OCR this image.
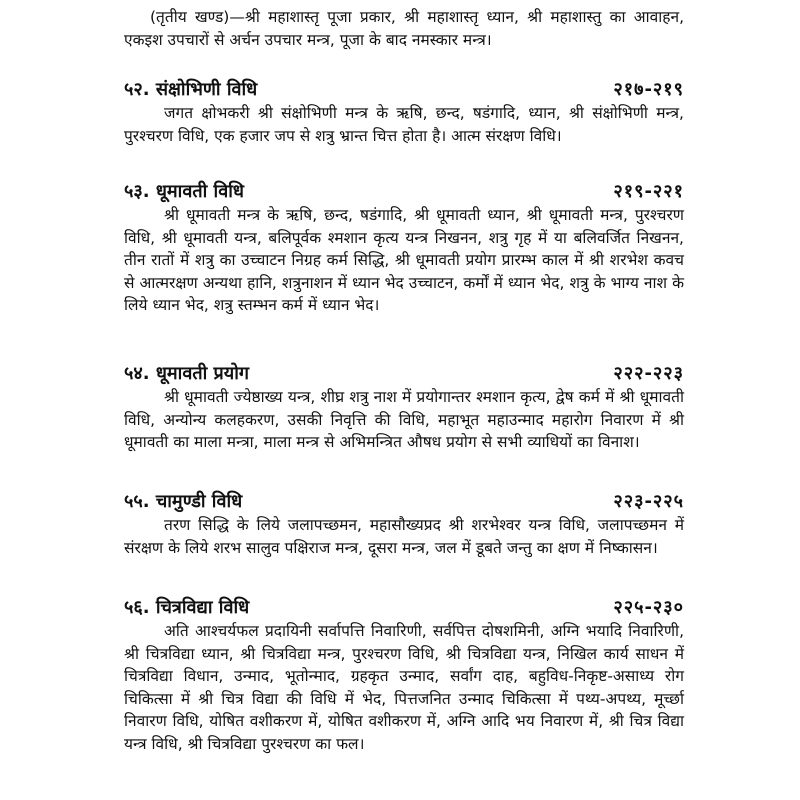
(तृतीय खण्ड)—श्री महाशास्तृ पूजा प्रकार, श्री महाशास्तृ ध्यान, श्री महाशास्तु का आवाहन, एकइश उपचारों से अर्चन उपचार मन्त्र, पूजा के बाद नमस्कार मन्त्र।

५२. संक्षोभिणी विधि	२१७-२१९

जगत क्षोभकरी श्री संक्षोभिणी मन्त्र के ऋषि, छन्द, षडंगादि, ध्यान, श्री संक्षोभिणी मन्त्र, पुरश्चरण विधि, एक हजार जप से शत्रु भ्रान्त चित्त होता है। आत्म संरक्षण विधि।

५३. धूमावती विधि	२१९-२२१

श्री धूमावती मन्त्र के ऋषि, छन्द, षडंगादि, श्री धूमावती ध्यान, श्री धूमावती मन्त्र, पुरश्चरण विधि, श्री धूमावती यन्त्र, बलिपूर्वक श्मशान कृत्य यन्त्र निखनन, शत्रु गृह में या बलिवर्जित निखनन, तीन रातों में शत्रु का उच्चाटन निग्रह कर्म सिद्धि, श्री धूमावती प्रयोग प्रारम्भ काल में श्री शरभेश कवच से आत्मरक्षण अन्यथा हानि, शत्रुनाशन में ध्यान भेद उच्चाटन, कर्मों में ध्यान भेद, शत्रु के भाग्य नाश के लिये ध्यान भेद, शत्रु स्तम्भन कर्म में ध्यान भेद।

५४. धूमावती प्रयोग	२२२-२२३

श्री धूमावती ज्येष्ठाख्य यन्त्र, शीघ्र शत्रु नाश में प्रयोगान्तर श्मशान कृत्य, द्वेष कर्म में श्री धूमावती विधि, अन्योन्य कलहकरण, उसकी निवृत्ति की विधि, महाभूत महाउन्माद महारोग निवारण में श्री धूमावती का माला मन्त्रा, माला मन्त्र से अभिमन्त्रित औषध प्रयोग से सभी व्याधियों का विनाश।

५५. चामुण्डी विधि	२२३-२२५

तरण सिद्धि के लिये जलापच्छमन, महासौख्यप्रद श्री शरभेश्वर यन्त्र विधि, जलापच्छमन में संरक्षण के लिये शरभ सालुव पक्षिराज मन्त्र, दूसरा मन्त्र, जल में डूबते जन्तु का क्षण में निष्कासन।

५६. चित्रविद्या विधि	२२५-२३०

अति आश्चर्यफल प्रदायिनी सर्वापत्ति निवारिणी, सर्वपित्त दोषशमिनी, अग्नि भयादि निवारिणी, श्री चित्रविद्या ध्यान, श्री चित्रविद्या मन्त्र, पुरश्चरण विधि, श्री चित्रविद्या यन्त्र, निखिल कार्य साधन में चित्रविद्या विधान, उन्माद, भूतोन्माद, ग्रहकृत उन्माद, सर्वांग दाह, बहुविध-निकृष्ट-असाध्य रोग चिकित्सा में श्री चित्र विद्या की विधि में भेद, पित्तजनित उन्माद चिकित्सा में पथ्य-अपथ्य, मूर्च्छा निवारण विधि, योषित वशीकरण में, योषित वशीकरण में, अग्नि आदि भय निवारण में, श्री चित्र विद्या यन्त्र विधि, श्री चित्रविद्या पुरश्चरण का फल।
